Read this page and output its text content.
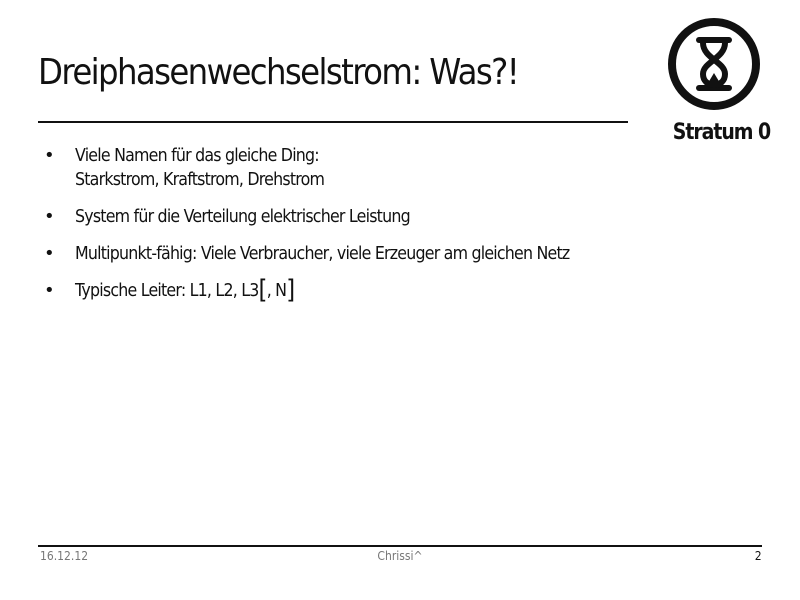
Dreiphasenwechselstrom: Was?!
Stratum 0
• Viele Namen für das gleiche Ding:
Starkstrom, Kraftstrom, Drehstrom
• System für die Verteilung elektrischer Leistung
• Multipunkt-fähig: Viele Verbraucher, viele Erzeuger am gleichen Netz
• Typische Leiter: L1, L2, L3[, N]
16.12.12	Chrissi^	2
